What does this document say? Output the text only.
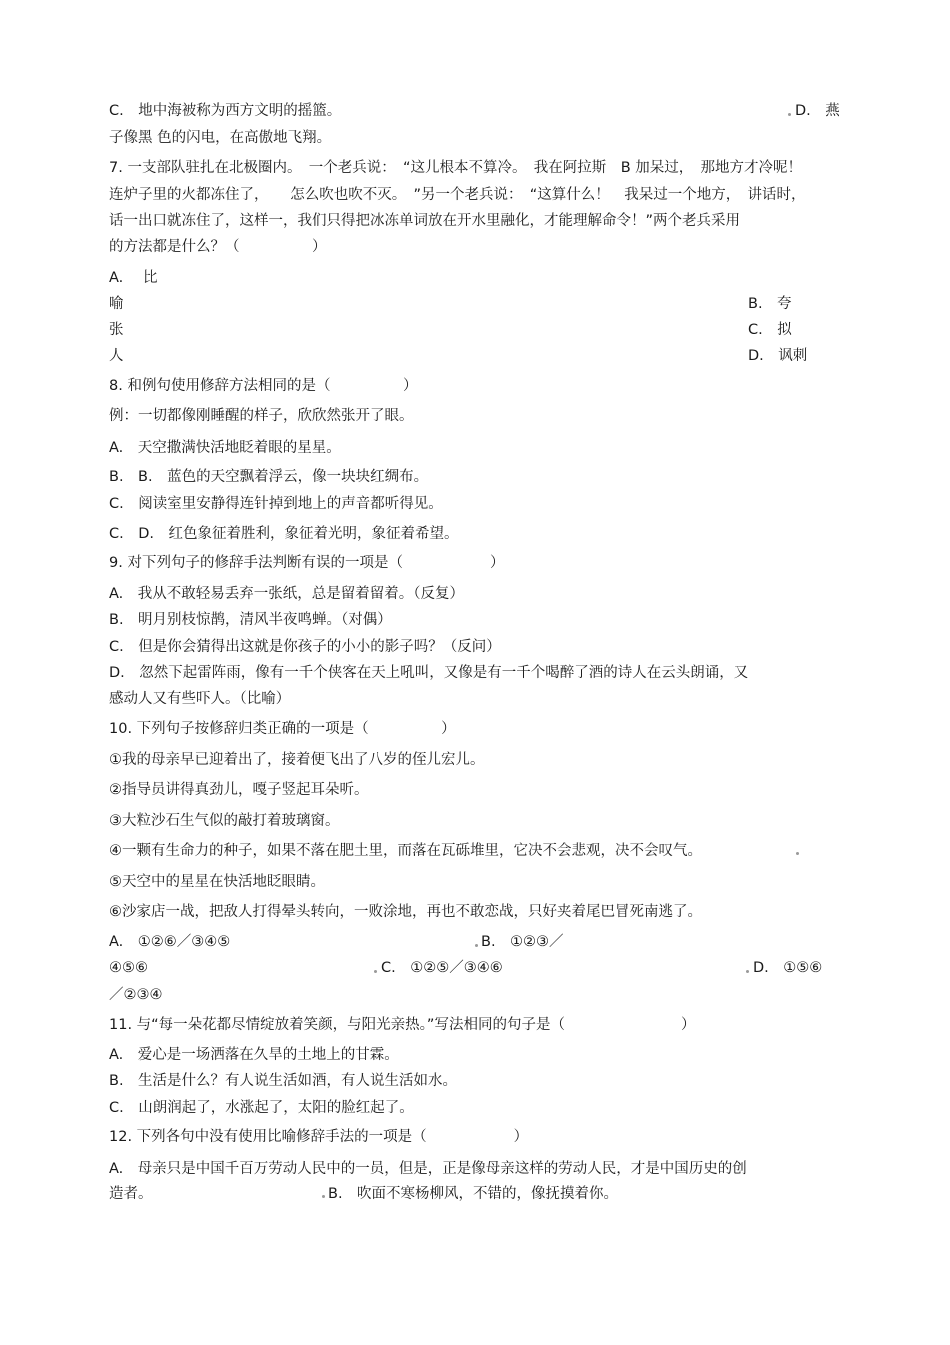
C.　地中海被称为西方文明的摇篮。	D.　燕
子像黑 色的闪电，在高傲地飞翔。
7. 一支部队驻扎在北极圈内。　一个老兵说：　“这儿根本不算冷。　我在阿拉斯　B 加呆过，　那地方才冷呢！
连炉子里的火都冻住了，　　怎么吹也吹不灭。　”另一个老兵说：　“这算什么！　我呆过一个地方，　讲话时，
话一出口就冻住了，这样一，我们只得把冰冻单词放在开水里融化，才能理解命令！”两个老兵采用
的方法都是什么？（　　　　　）
A. 比
喻
张
人
B.　夸
C.　拟
D.　讽刺
8. 和例句使用修辞方法相同的是（　　　　　）
例：一切都像刚睡醒的样子，欣欣然张开了眼。
A.　天空撒满快活地眨着眼的星星。
B.　B.　蓝色的天空飘着浮云，像一块块红绸布。
C.　阅读室里安静得连针掉到地上的声音都听得见。
C.　D.　红色象征着胜利，象征着光明，象征着希望。
9. 对下列句子的修辞手法判断有误的一项是（　　　　　　）
A.　我从不敢轻易丢弃一张纸，总是留着留着。（反复）
B.　明月别枝惊鹊，清风半夜鸣蝉。（对偶）
C.　但是你会猜得出这就是你孩子的小小的影子吗？（反问）
D.　忽然下起雷阵雨，像有一千个侠客在天上吼叫，又像是有一千个喝醉了酒的诗人在云头朗诵，又
感动人又有些吓人。（比喻）
10. 下列句子按修辞归类正确的一项是（　　　　　）
①我的母亲早已迎着出了，接着便飞出了八岁的侄儿宏儿。
②指导员讲得真劲儿，嘎子竖起耳朵听。
③大粒沙石生气似的敲打着玻璃窗。
④一颗有生命力的种子，如果不落在肥土里，而落在瓦砾堆里，它决不会悲观，决不会叹气。
⑤天空中的星星在快活地眨眼睛。
⑥沙家店一战，把敌人打得晕头转向，一败涂地，再也不敢恋战，只好夹着尾巴冒死南逃了。
A.　①②⑥／③④⑤	B.　①②③／
④⑤⑥	C.　①②⑤／③④⑥	D.　①⑤⑥
／②③④
11. 与“每一朵花都尽情绽放着笑颜，与阳光亲热。”写法相同的句子是（　　　　　　　　）
A.　爱心是一场洒落在久旱的土地上的甘霖。
B.　生活是什么？有人说生活如酒，有人说生活如水。
C.　山朗润起了，水涨起了，太阳的脸红起了。
12. 下列各句中没有使用比喻修辞手法的一项是（　　　　　　）
A.　母亲只是中国千百万劳动人民中的一员，但是，正是像母亲这样的劳动人民，才是中国历史的创
造者。	B.　吹面不寒杨柳风，不错的，像抚摸着你。
